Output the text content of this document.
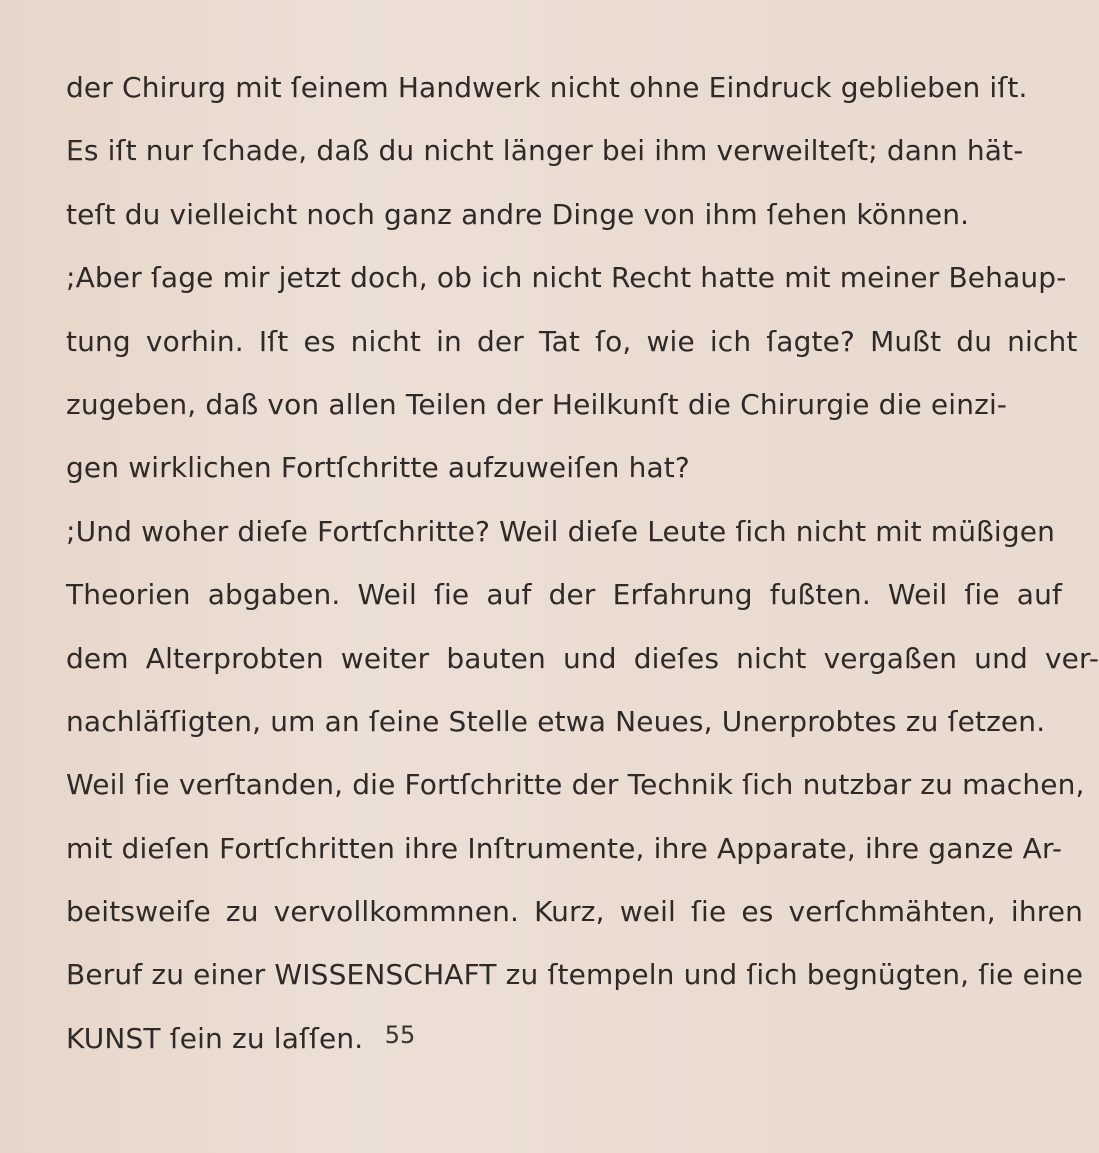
der Chirurg mit ſeinem Handwerk nicht ohne Eindruck geblieben iſt.
Es iſt nur ſchade, daß du nicht länger bei ihm verweilteſt; dann hät-
teſt du vielleicht noch ganz andre Dinge von ihm ſehen können.
;Aber ſage mir jetzt doch, ob ich nicht Recht hatte mit meiner Behaup-
tung vorhin. Iſt es nicht in der Tat ſo, wie ich ſagte? Mußt du nicht
zugeben, daß von allen Teilen der Heilkunſt die Chirurgie die einzi-
gen wirklichen Fortſchritte aufzuweiſen hat?
;Und woher dieſe Fortſchritte? Weil dieſe Leute ſich nicht mit müßigen
Theorien abgaben. Weil ſie auf der Erfahrung fußten. Weil ſie auf
dem Alterprobten weiter bauten und dieſes nicht vergaßen und ver-
nachläſſigten, um an ſeine Stelle etwa Neues, Unerprobtes zu ſetzen.
Weil ſie verſtanden, die Fortſchritte der Technik ſich nutzbar zu machen,
mit dieſen Fortſchritten ihre Inſtrumente, ihre Apparate, ihre ganze Ar-
beitsweiſe zu vervollkommnen. Kurz, weil ſie es verſchmähten, ihren
Beruf zu einer WISSENSCHAFT zu ſtempeln und ſich begnügten, ſie eine
KUNST ſein zu laſſen. 55
